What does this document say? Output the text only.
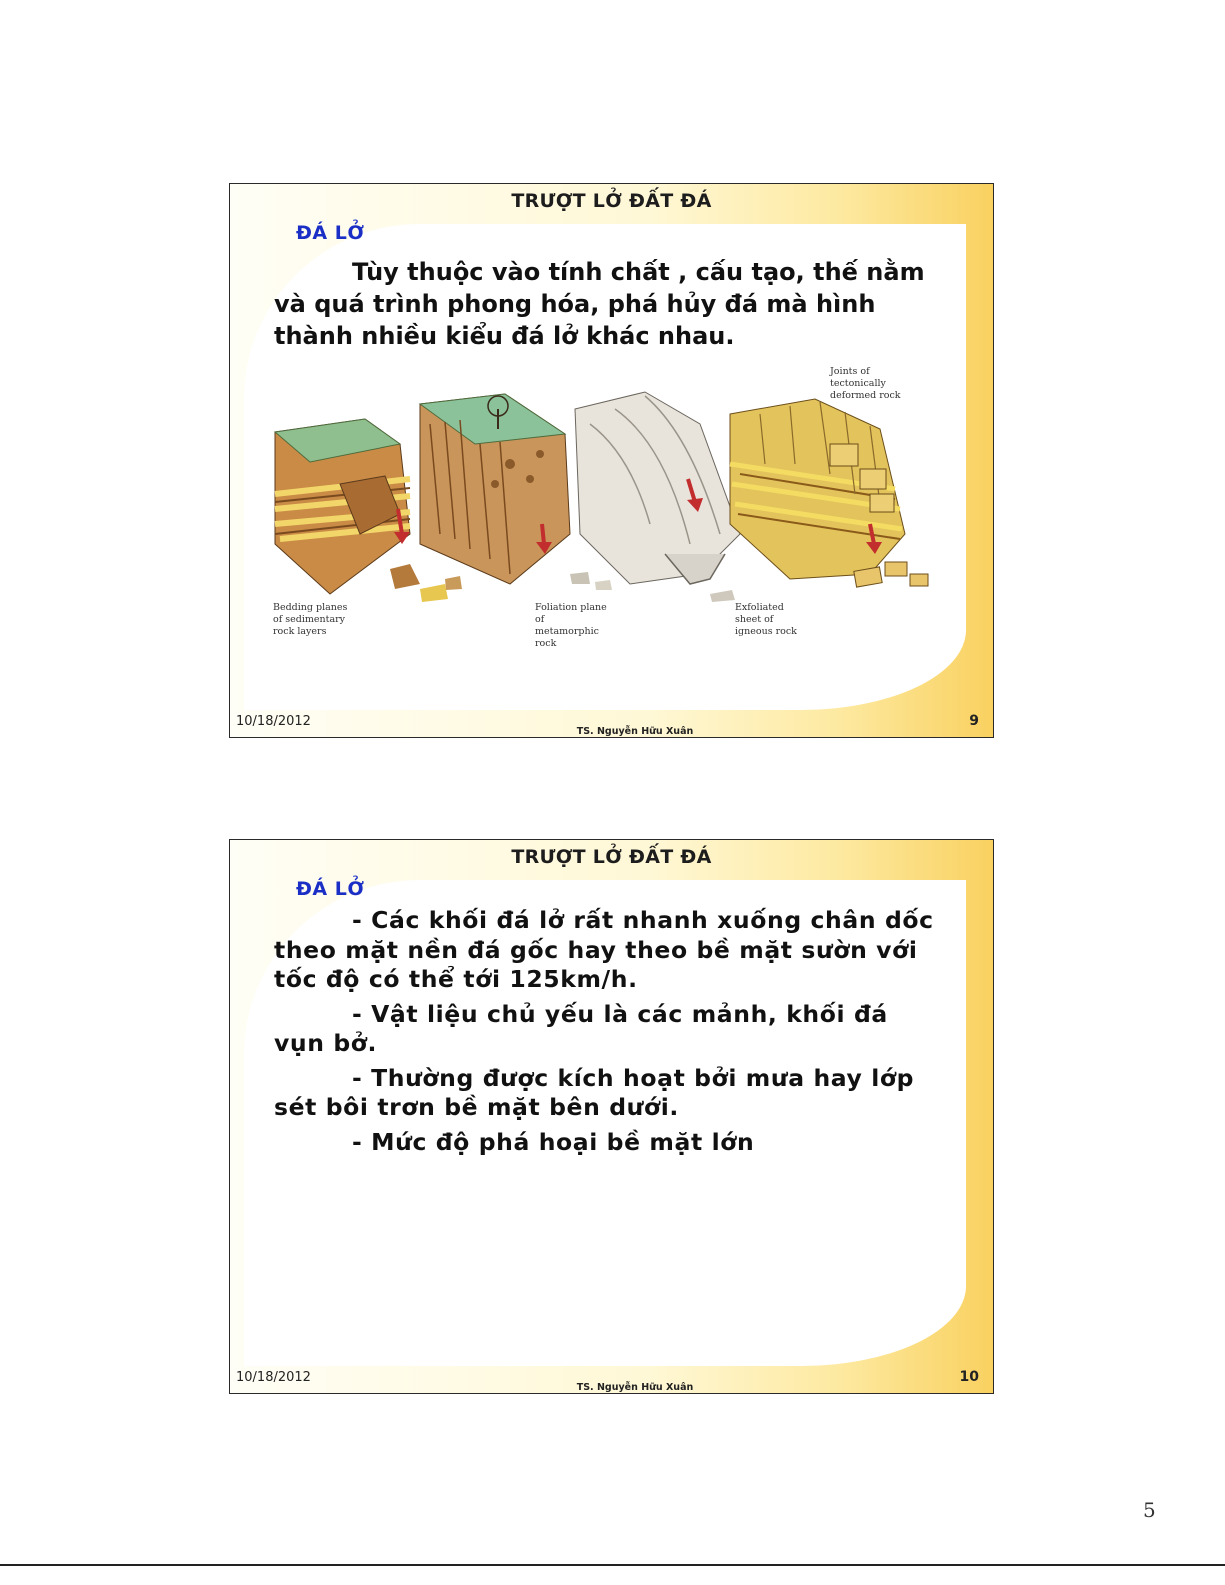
TRƯỢT LỞ ĐẤT ĐÁ
ĐÁ LỞ

Tùy thuộc vào tính chất , cấu tạo, thế nằm và quá trình phong hóa, phá hủy đá mà hình thành nhiều kiểu đá lở khác nhau.

Bedding planes of sedimentary rock layers
Foliation plane of metamorphic rock
Exfoliated sheet of igneous rock
Joints of tectonically deformed rock
10/18/2012
TS. Nguyễn Hữu Xuân
9
TRƯỢT LỞ ĐẤT ĐÁ
ĐÁ LỞ

- Các khối đá lở rất nhanh xuống chân dốc theo mặt nền đá gốc hay theo bề mặt sườn với tốc độ có thể tới 125km/h.

- Vật liệu chủ yếu là các mảnh, khối đá vụn bở.

- Thường được kích hoạt bởi mưa hay lớp sét bôi trơn bề mặt bên dưới.

- Mức độ phá hoại bề mặt lớn

10/18/2012
TS. Nguyễn Hữu Xuân
10
5
